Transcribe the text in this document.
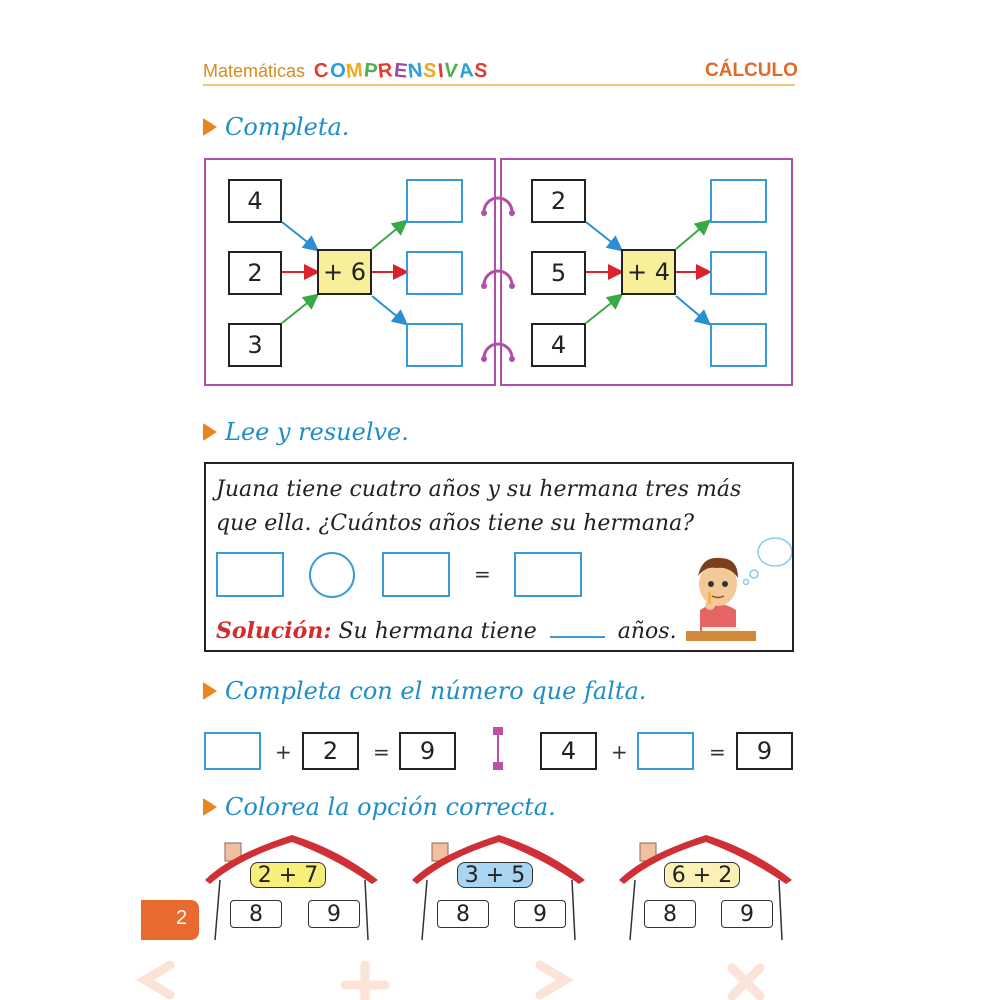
Matemáticas COMPRENSIVAS	CÁLCULO
Completa.
4
2
3
+ 6
2
5
4
+ 4
Lee y resuelve.
Juana tiene cuatro años y su hermana tres más que ella. ¿Cuántos años tiene su hermana?
=
Solución: Su hermana tiene	años.
Completa con el número que falta.
+	2	=	9	4	+	=	9
Colorea la opción correcta.
2 + 7
8	9
3 + 5
8	9
6 + 2
8	9
2
